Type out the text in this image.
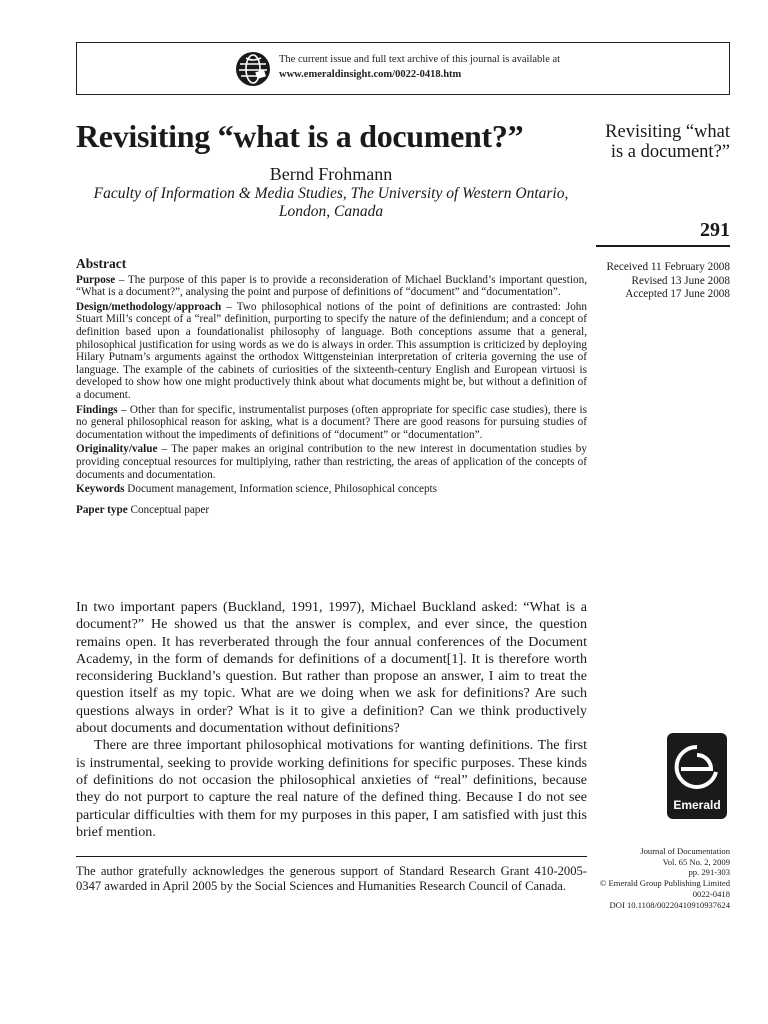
The current issue and full text archive of this journal is available at
www.emeraldinsight.com/0022-0418.htm
Revisiting “what is a document?”	Revisiting “what
is a document?”
Bernd Frohmann
Faculty of Information & Media Studies, The University of Western Ontario,
London, Canada
291
Received 11 February 2008
Revised 13 June 2008
Accepted 17 June 2008
Abstract

Purpose – The purpose of this paper is to provide a reconsideration of Michael Buckland’s important question, “What is a document?”, analysing the point and purpose of definitions of “document” and “documentation”.

Design/methodology/approach – Two philosophical notions of the point of definitions are contrasted: John Stuart Mill’s concept of a “real” definition, purporting to specify the nature of the definiendum; and a concept of definition based upon a foundationalist philosophy of language. Both conceptions assume that a general, philosophical justification for using words as we do is always in order. This assumption is criticized by deploying Hilary Putnam’s arguments against the orthodox Wittgensteinian interpretation of criteria governing the use of language. The example of the cabinets of curiosities of the sixteenth-century English and European virtuosi is developed to show how one might productively think about what documents might be, but without a definition of a document.

Findings – Other than for specific, instrumentalist purposes (often appropriate for specific case studies), there is no general philosophical reason for asking, what is a document? There are good reasons for pursuing studies of documentation without the impediments of definitions of “document” or “documentation”.

Originality/value – The paper makes an original contribution to the new interest in documentation studies by providing conceptual resources for multiplying, rather than restricting, the areas of application of the concepts of documents and documentation.

Keywords Document management, Information science, Philosophical concepts

Paper type Conceptual paper

In two important papers (Buckland, 1991, 1997), Michael Buckland asked: “What is a document?” He showed us that the answer is complex, and ever since, the question remains open. It has reverberated through the four annual conferences of the Document Academy, in the form of demands for definitions of a document[1]. It is therefore worth reconsidering Buckland’s question. But rather than propose an answer, I aim to treat the question itself as my topic. What are we doing when we ask for definitions? Are such questions always in order? What is it to give a definition? Can we think productively about documents and documentation without definitions?

There are three important philosophical motivations for wanting definitions. The first is instrumental, seeking to provide working definitions for specific purposes. These kinds of definitions do not occasion the philosophical anxieties of “real” definitions, because they do not purport to capture the real nature of the defined thing. Because I do not see particular difficulties with them for my purposes in this paper, I am satisfied with just this brief mention.

Emerald
Journal of Documentation
Vol. 65 No. 2, 2009
pp. 291-303
© Emerald Group Publishing Limited
0022-0418
DOI 10.1108/00220410910937624
The author gratefully acknowledges the generous support of Standard Research Grant 410-2005-0347 awarded in April 2005 by the Social Sciences and Humanities Research Council of Canada.
